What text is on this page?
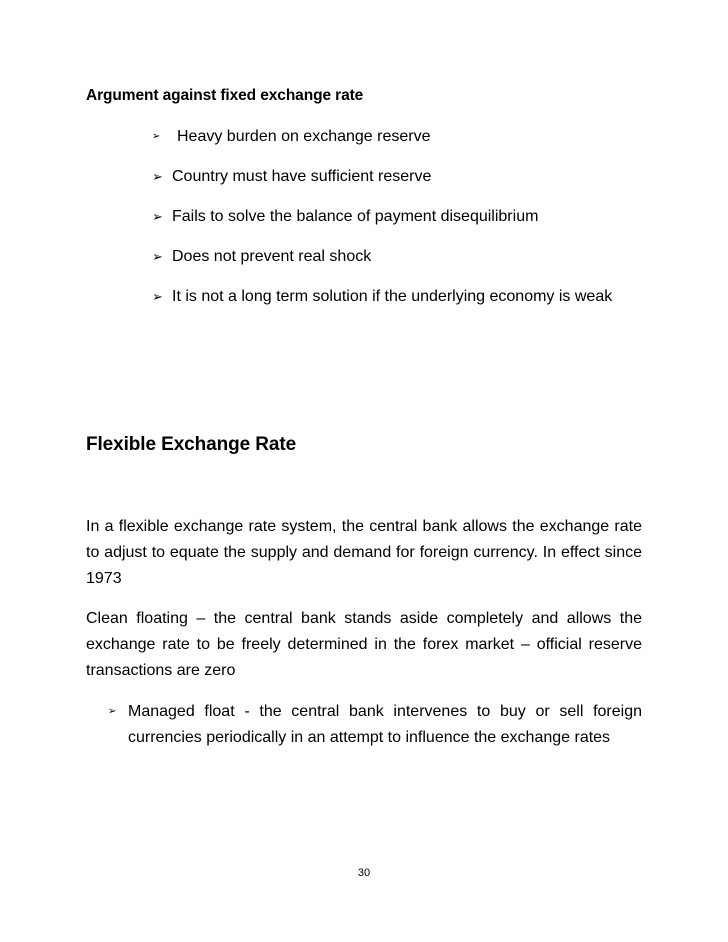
Argument against fixed exchange rate
➢ Heavy burden on exchange reserve
➢ Country must have sufficient reserve
➢ Fails to solve the balance of payment disequilibrium
➢ Does not prevent real shock
➢ It is not a long term solution if the underlying economy is weak
Flexible Exchange Rate

In a flexible exchange rate system, the central bank allows the exchange rate to adjust to equate the supply and demand for foreign currency. In effect since 1973

Clean floating – the central bank stands aside completely and allows the exchange rate to be freely determined in the forex market – official reserve transactions are zero

➢ Managed float - the central bank intervenes to buy or sell foreign currencies periodically in an attempt to influence the exchange rates
30
